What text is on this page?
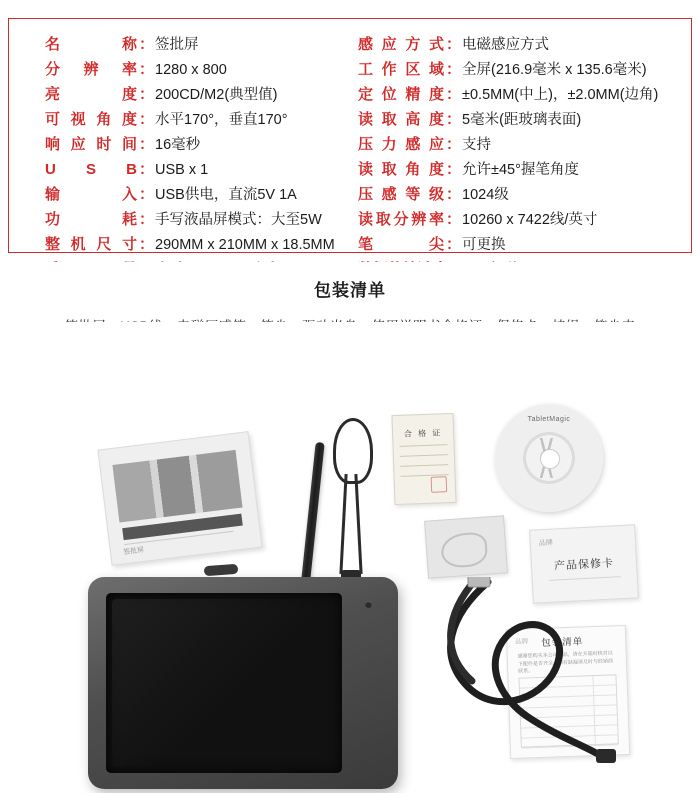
名　　称 ： 签批屏
分 辨 率 ： 1280 x 800
亮　　度 ： 200CD/M2(典型值)
可视角度 ： 水平170°，垂直170°
响应时间 ： 16毫秒
U S B ： USB x 1
输　　入 ： USB供电，直流5V 1A
功　　耗 ： 手写液晶屏模式：大至5W
整机尺寸 ： 290MM x 210MM x 18.5MM
感应方式 ： 电磁感应方式
工作区域 ： 全屏(216.9毫米 x 135.6毫米)
定位精度 ： ±0.5MM(中上)，±2.0MM(边角)
读取高度 ： 5毫米(距玻璃表面)
压力感应 ： 支持
读取角度 ： 允许±45°握笔角度
压感等级 ： 1024级
读取分辨率 ： 10260 x 7422线/英寸
笔　　尖 ： 可更换
包装清单

签批屏
合 格 证
TabletMagic
品牌
产品保修卡
品牌 包装清单
感谢您购买本公司产品，请在开箱时核对以下配件是否齐全，如有缺漏请及时与经销商联系。
